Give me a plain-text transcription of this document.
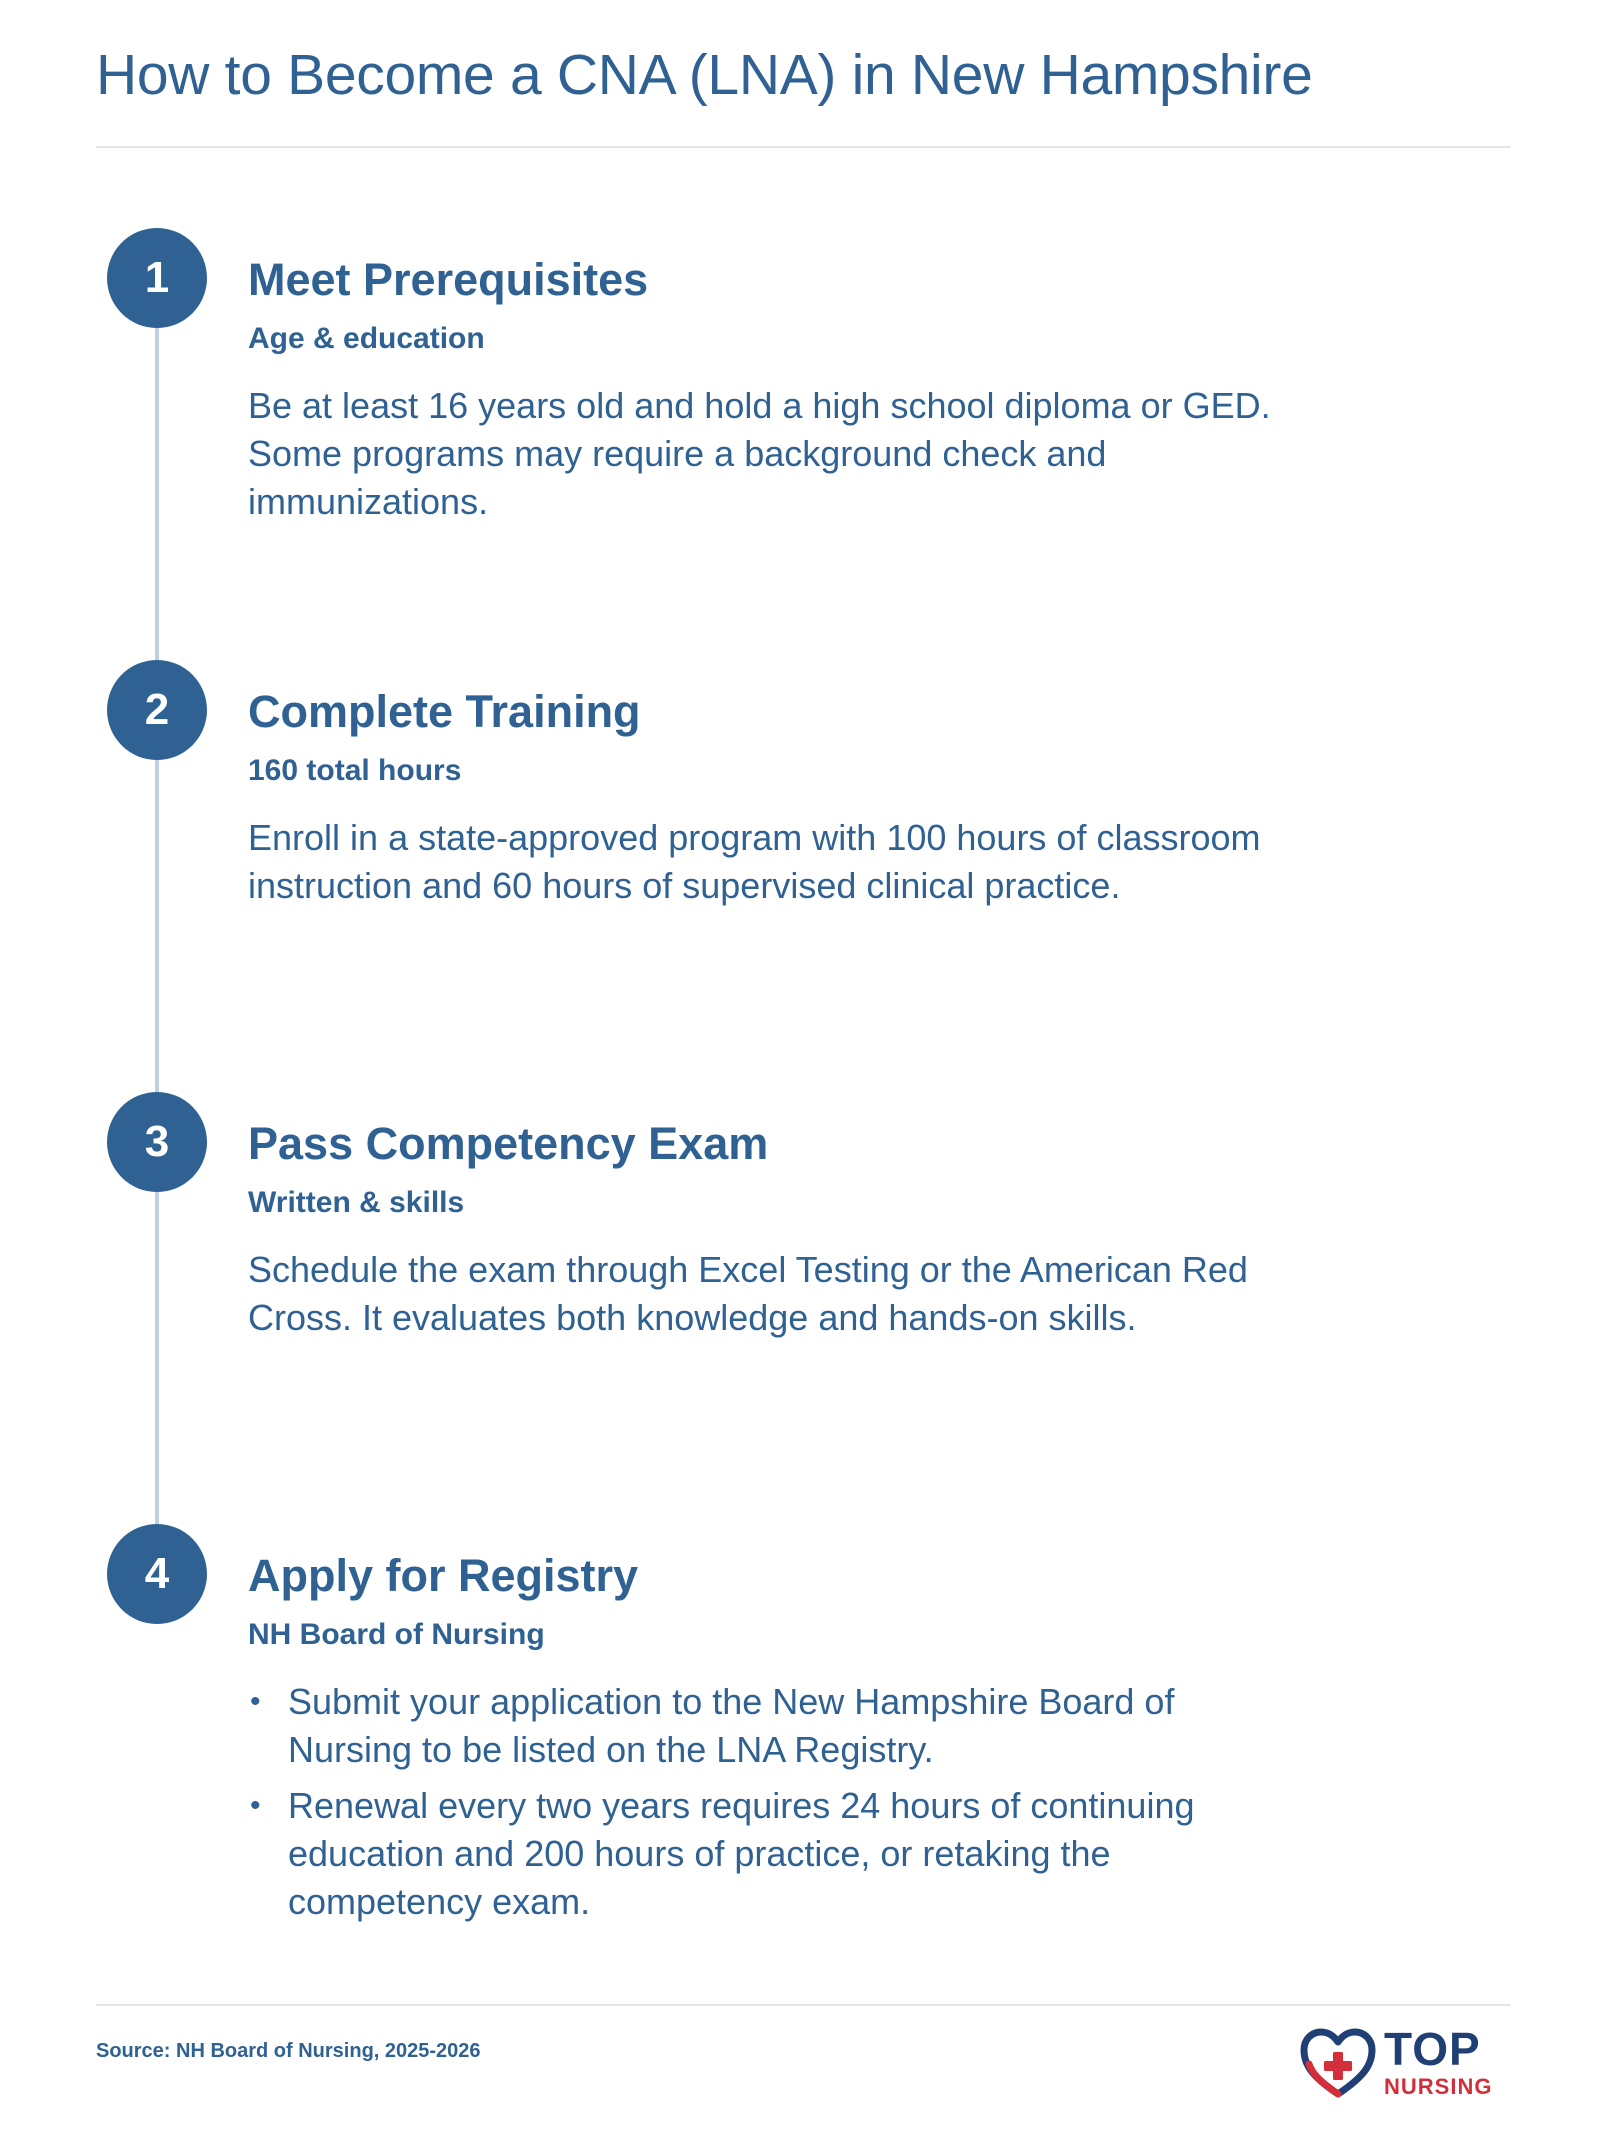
How to Become a CNA (LNA) in New Hampshire
1	Meet Prerequisites
Age & education
Be at least 16 years old and hold a high school diploma or GED. Some programs may require a background check and immunizations.
2	Complete Training
160 total hours
Enroll in a state-approved program with 100 hours of classroom instruction and 60 hours of supervised clinical practice.
3	Pass Competency Exam
Written & skills
Schedule the exam through Excel Testing or the American Red Cross. It evaluates both knowledge and hands-on skills.
4	Apply for Registry
NH Board of Nursing
• Submit your application to the New Hampshire Board of Nursing to be listed on the LNA Registry.
• Renewal every two years requires 24 hours of continuing education and 200 hours of practice, or retaking the competency exam.
Source: NH Board of Nursing, 2025-2026	TOP
NURSING
